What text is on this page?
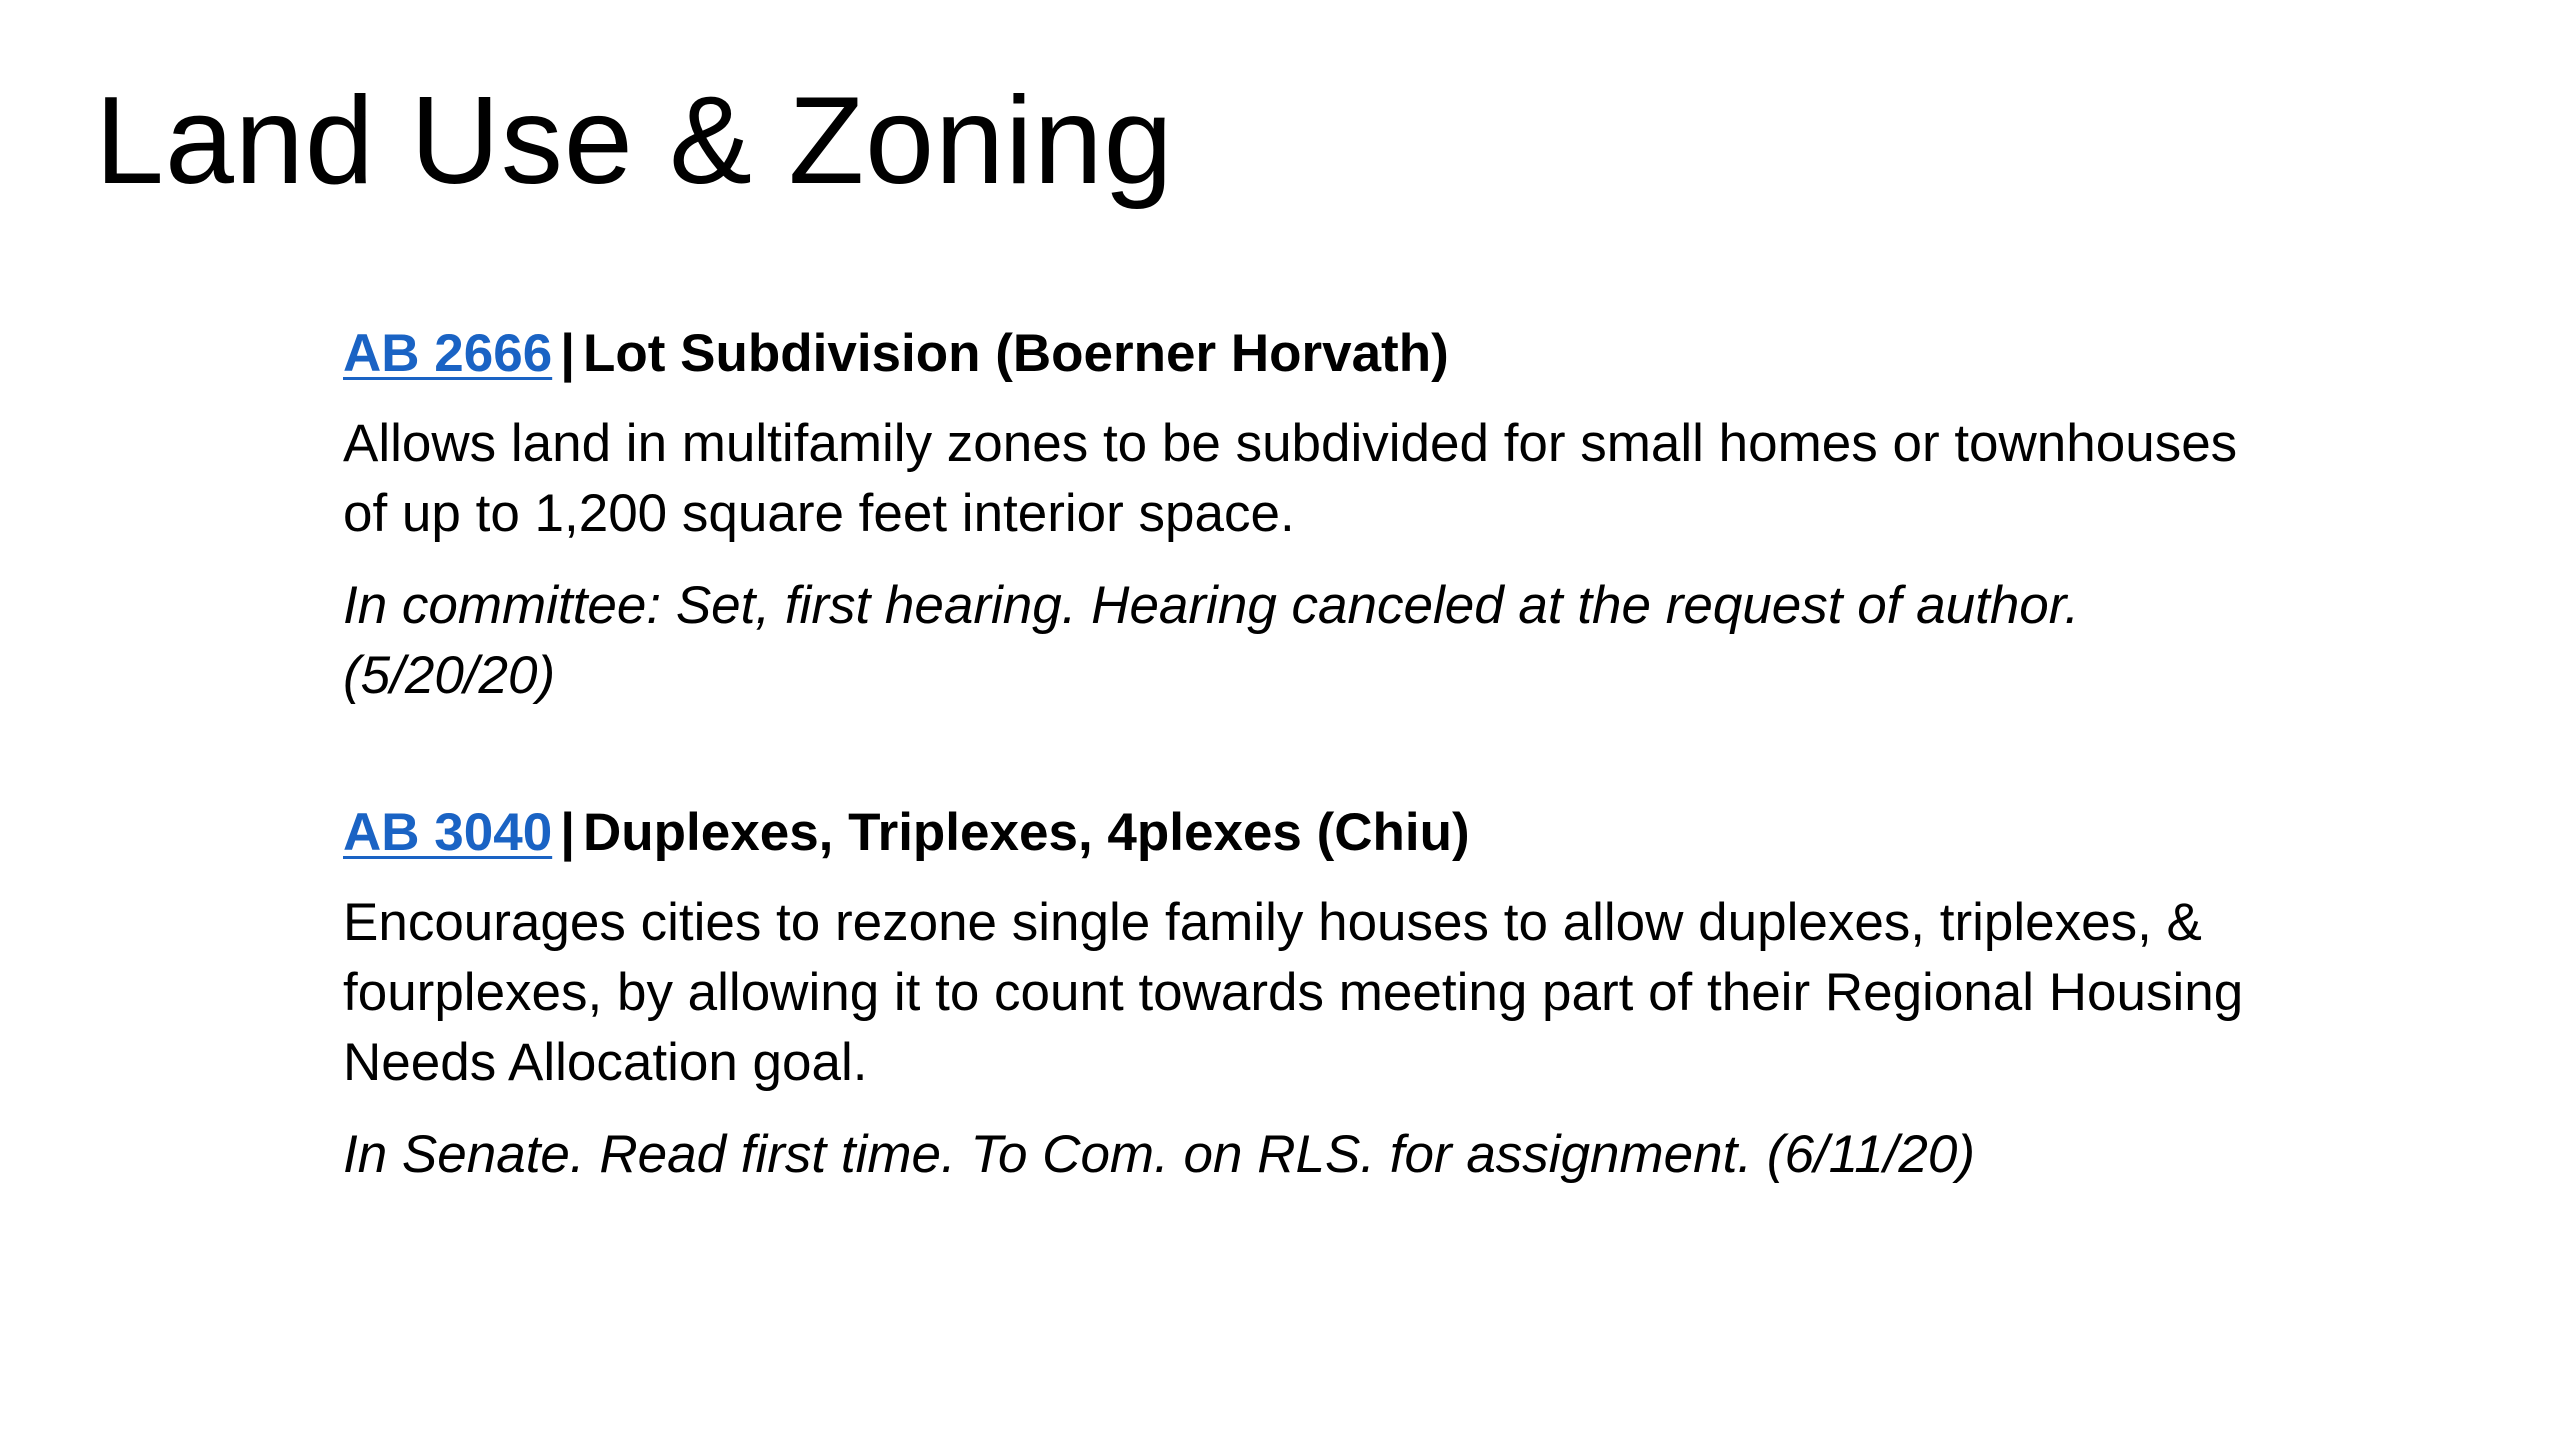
Land Use & Zoning

AB 2666 | Lot Subdivision (Boerner Horvath)

Allows land in multifamily zones to be subdivided for small homes or townhouses of up to 1,200 square feet interior space.

In committee: Set, first hearing. Hearing canceled at the request of author. (5/20/20)

AB 3040 | Duplexes, Triplexes, 4plexes (Chiu)

Encourages cities to rezone single family houses to allow duplexes, triplexes, & fourplexes, by allowing it to count towards meeting part of their Regional Housing Needs Allocation goal.

In Senate. Read first time. To Com. on RLS. for assignment. (6/11/20)
